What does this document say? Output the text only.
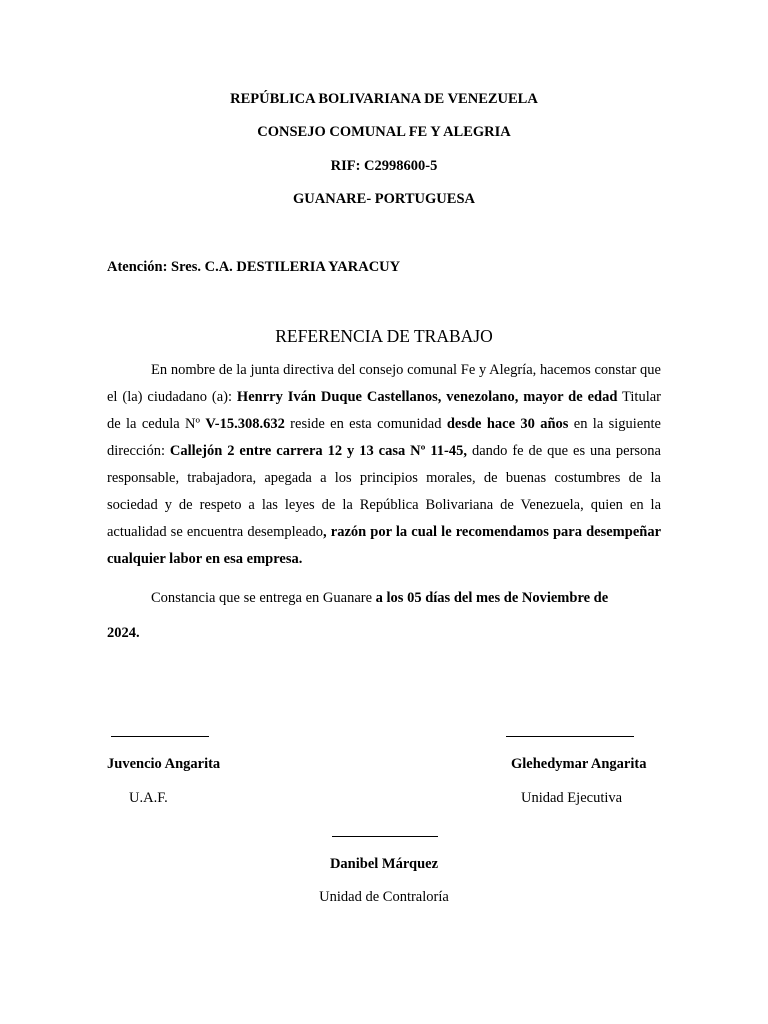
REPÚBLICA BOLIVARIANA DE VENEZUELA
CONSEJO COMUNAL FE Y ALEGRIA
RIF: C2998600-5
GUANARE- PORTUGUESA
Atención: Sres. C.A. DESTILERIA YARACUY
REFERENCIA DE TRABAJO
En nombre de la junta directiva del consejo comunal Fe y Alegría, hacemos constar que el (la) ciudadano (a): Henrry Iván Duque Castellanos, venezolano, mayor de edad Titular de la cedula Nº V-15.308.632 reside en esta comunidad desde hace 30 años en la siguiente dirección: Callejón 2 entre carrera 12 y 13 casa Nº 11-45, dando fe de que es una persona responsable, trabajadora, apegada a los principios morales, de buenas costumbres de la sociedad y de respeto a las leyes de la República Bolivariana de Venezuela, quien en la actualidad se encuentra desempleado, razón por la cual le recomendamos para desempeñar cualquier labor en esa empresa.
Constancia que se entrega en Guanare a los 05 días del mes de Noviembre de
2024.
Juvencio Angarita
U.A.F.
Glehedymar Angarita
Unidad Ejecutiva
Danibel Márquez
Unidad de Contraloría
